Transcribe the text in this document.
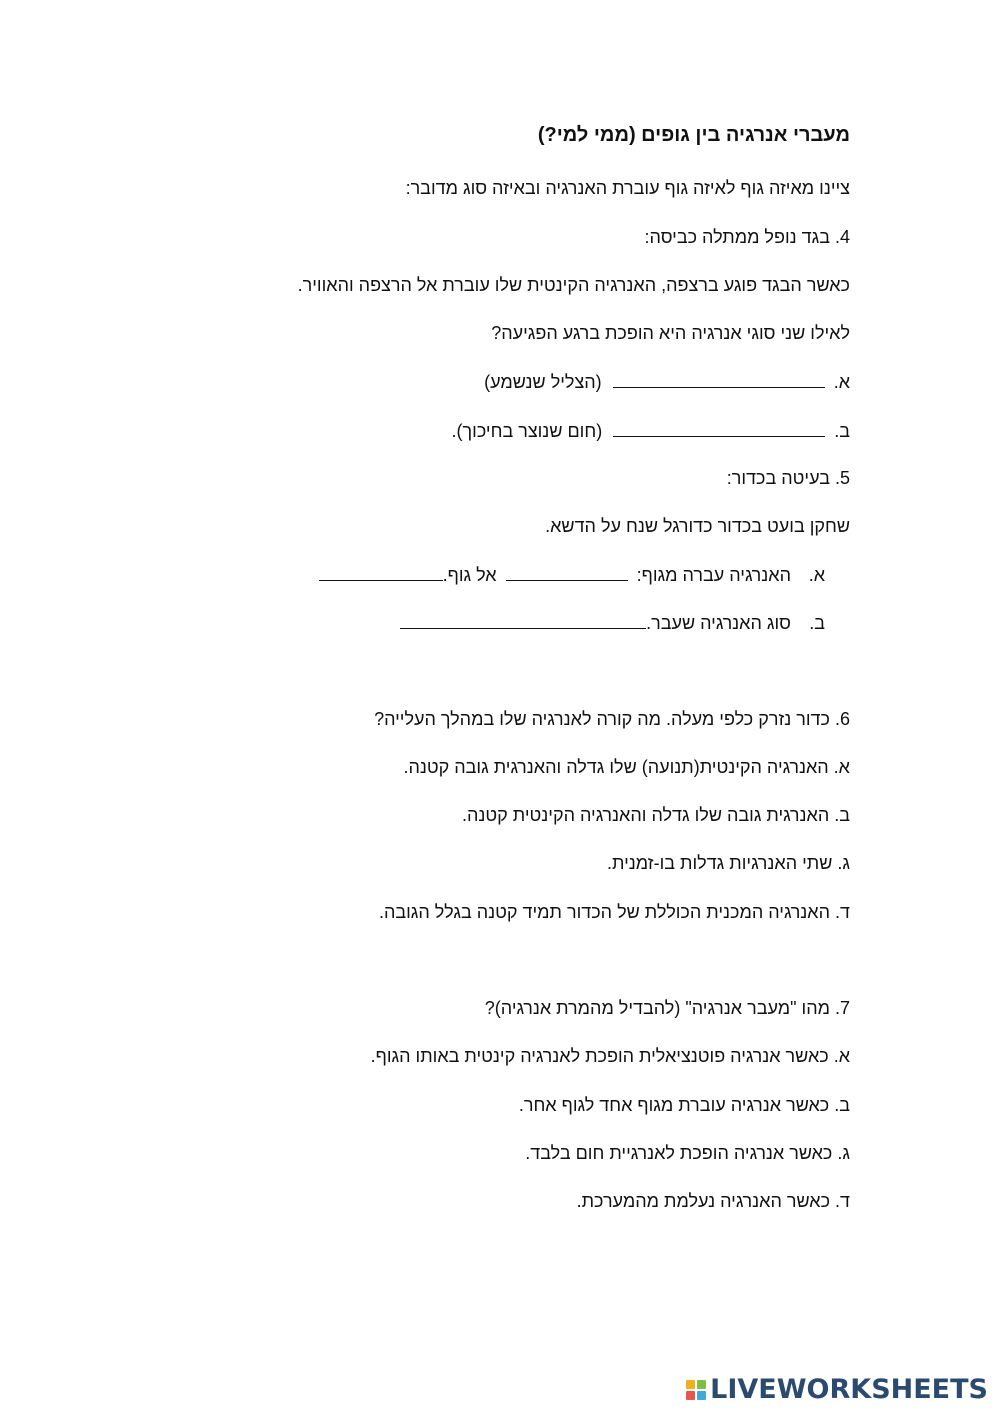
מעברי אנרגיה בין גופים (ממי למי?)
ציינו מאיזה גוף לאיזה גוף עוברת האנרגיה ובאיזה סוג מדובר:
4. בגד נופל ממתלה כביסה:
כאשר הבגד פוגע ברצפה, האנרגיה הקינטית שלו עוברת אל הרצפה והאוויר.
לאילו שני סוגי אנרגיה היא הופכת ברגע הפגיעה?
א.  (הצליל שנשמע)
ב.  (חום שנוצר בחיכוך).
5. בעיטה בכדור:
שחקן בועט בכדור כדורגל שנח על הדשא.
א.האנרגיה עברה מגוף:  אל גוף.
ב.סוג האנרגיה שעבר.
6. כדור נזרק כלפי מעלה. מה קורה לאנרגיה שלו במהלך העלייה?
א. האנרגיה הקינטית(תנועה) שלו גדלה והאנרגית גובה קטנה.
ב. האנרגית גובה שלו גדלה והאנרגיה הקינטית קטנה.
ג. שתי האנרגיות גדלות בו-זמנית.
ד. האנרגיה המכנית הכוללת של הכדור תמיד קטנה בגלל הגובה.
7. מהו "מעבר אנרגיה" (להבדיל מהמרת אנרגיה)?
א. כאשר אנרגיה פוטנציאלית הופכת לאנרגיה קינטית באותו הגוף.
ב. כאשר אנרגיה עוברת מגוף אחד לגוף אחר.
ג. כאשר אנרגיה הופכת לאנרגיית חום בלבד.
ד. כאשר האנרגיה נעלמת מהמערכת.
LIVEWORKSHEETS
